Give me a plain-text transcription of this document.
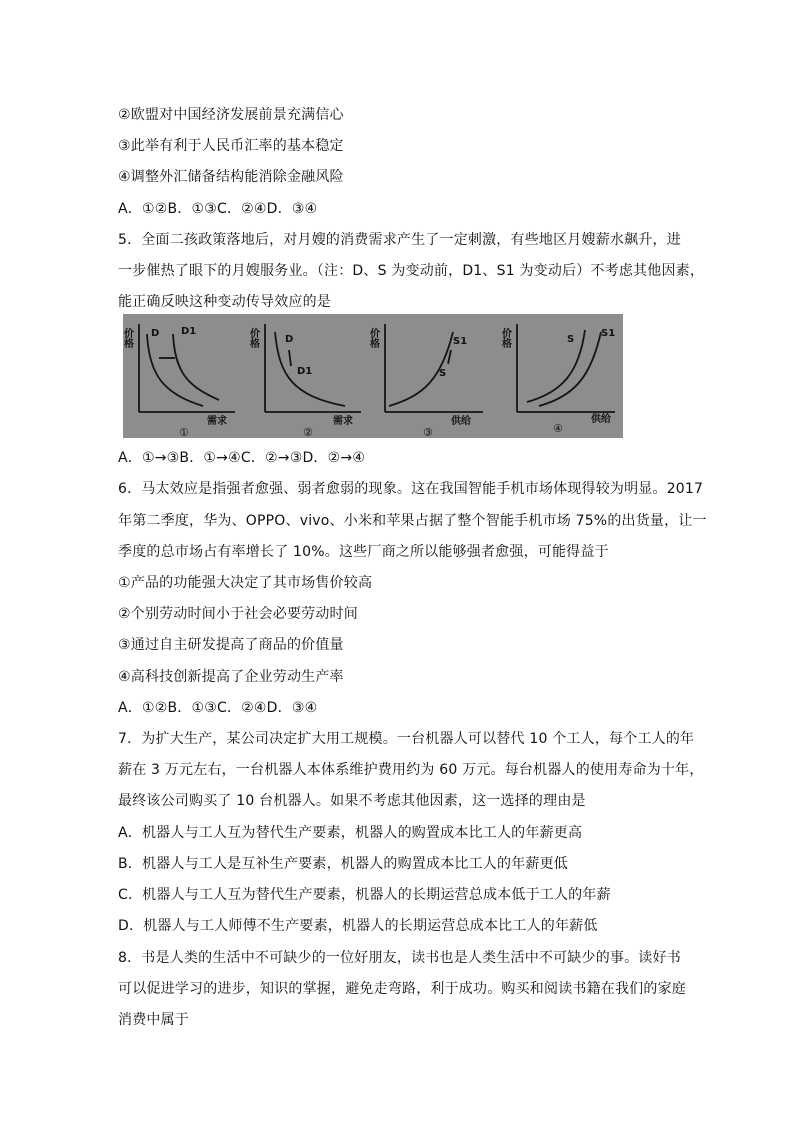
②欧盟对中国经济发展前景充满信心
③此举有利于人民币汇率的基本稳定
④调整外汇储备结构能消除金融风险
A．①②B．①③C．②④D．③④
5．全面二孩政策落地后，对月嫂的消费需求产生了一定刺激，有些地区月嫂薪水飙升，进
一步催热了眼下的月嫂服务业。（注：D、S 为变动前，D1、S1 为变动后）不考虑其他因素，
能正确反映这种变动传导效应的是
A．①→③B．①→④C．②→③D．②→④
6．马太效应是指强者愈强、弱者愈弱的现象。这在我国智能手机市场体现得较为明显。2017
年第二季度，华为、OPPO、vivo、小米和苹果占据了整个智能手机市场 75%的出货量，让一
季度的总市场占有率增长了 10%。这些厂商之所以能够强者愈强，可能得益于
①产品的功能强大决定了其市场售价较高
②个别劳动时间小于社会必要劳动时间
③通过自主研发提高了商品的价值量
④高科技创新提高了企业劳动生产率
A．①②B．①③C．②④D．③④
7．为扩大生产，某公司决定扩大用工规模。一台机器人可以替代 10 个工人，每个工人的年
薪在 3 万元左右，一台机器人本体系维护费用约为 60 万元。每台机器人的使用寿命为十年，
最终该公司购买了 10 台机器人。如果不考虑其他因素，这一选择的理由是
A．机器人与工人互为替代生产要素，机器人的购置成本比工人的年薪更高
B．机器人与工人是互补生产要素，机器人的购置成本比工人的年薪更低
C．机器人与工人互为替代生产要素，机器人的长期运营总成本低于工人的年薪
D．机器人与工人师傅不生产要素，机器人的长期运营总成本比工人的年薪低
8．书是人类的生活中不可缺少的一位好朋友，读书也是人类生活中不可缺少的事。读好书
可以促进学习的进步，知识的掌握，避免走弯路，利于成功。购买和阅读书籍在我们的家庭
消费中属于
价格 D D1
需求
①
价格	D
D1
需求
②
价格
S
S1
供给
③
价格	S
S1
供给
④
